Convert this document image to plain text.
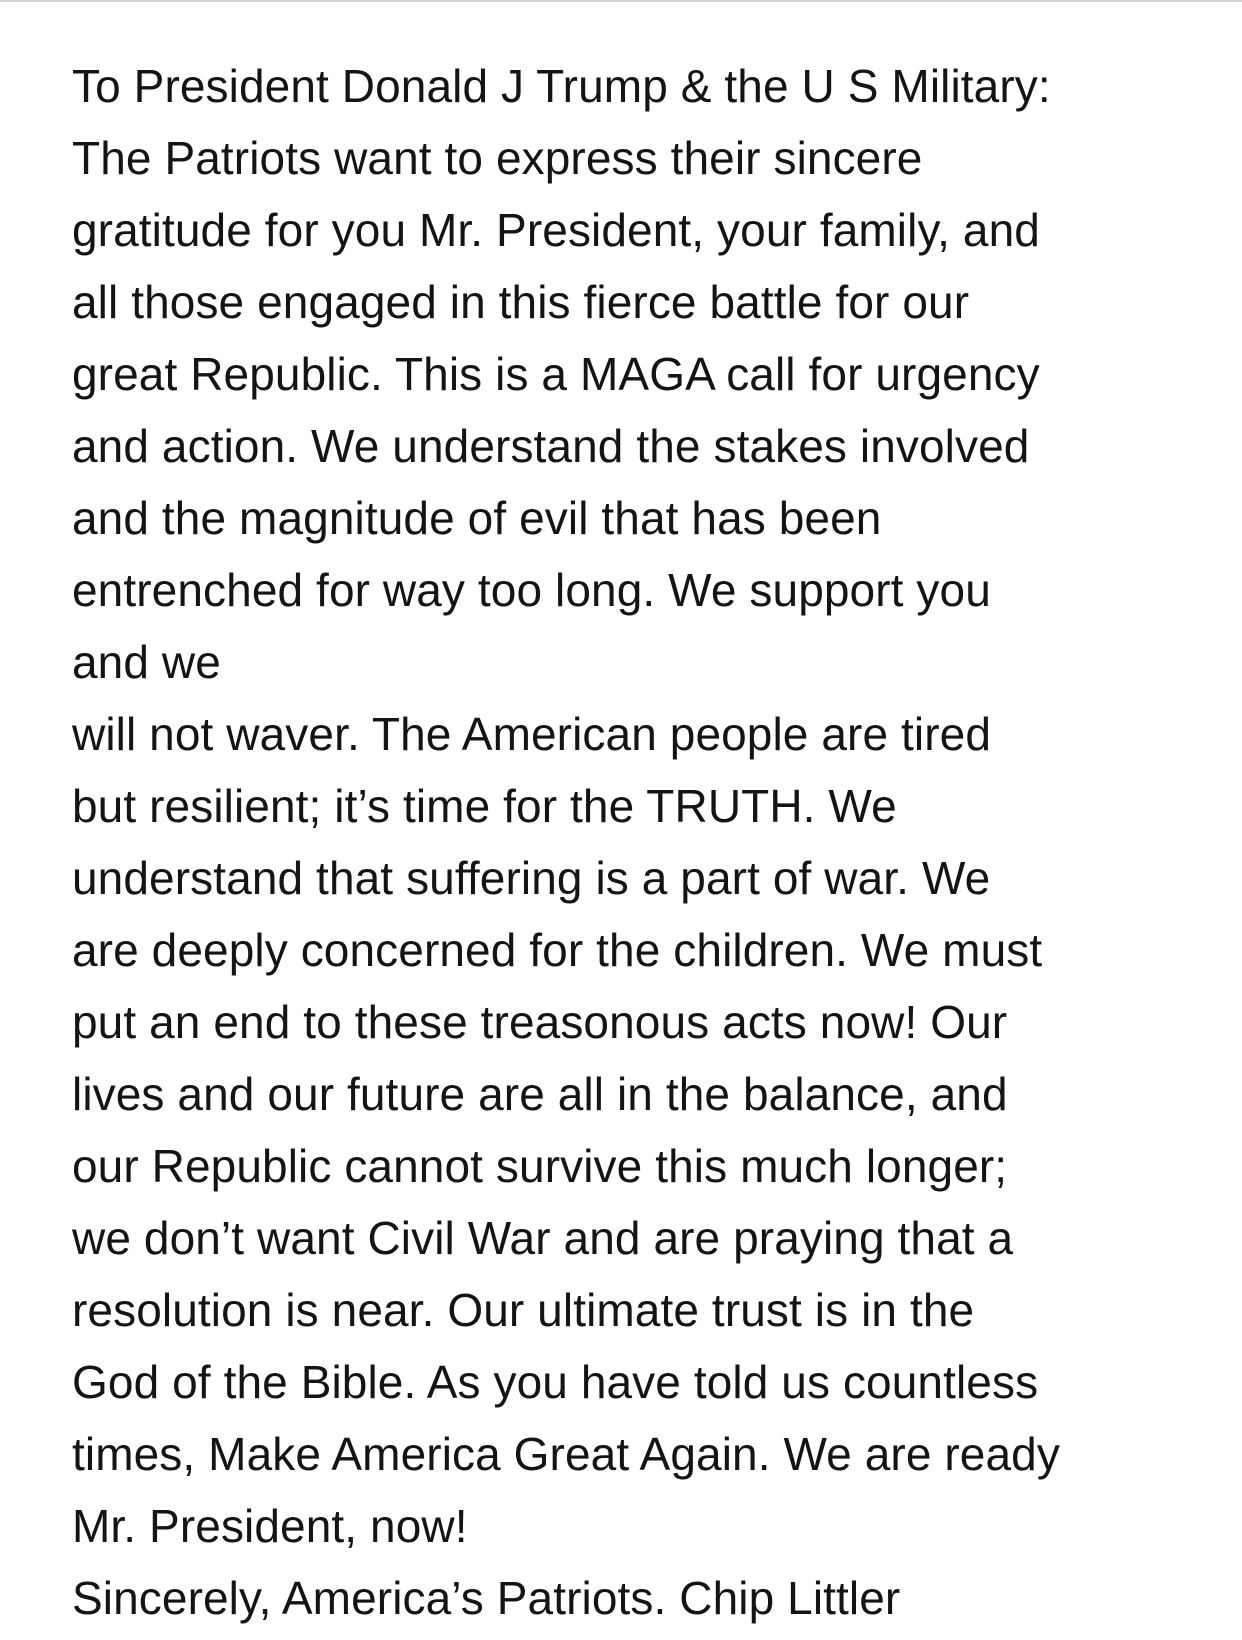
To President Donald J Trump & the U S Military:
The Patriots want to express their sincere
gratitude for you Mr. President, your family, and
all those engaged in this fierce battle for our
great Republic. This is a MAGA call for urgency
and action. We understand the stakes involved
and the magnitude of evil that has been
entrenched for way too long. We support you
and we
will not waver. The American people are tired
but resilient; it’s time for the TRUTH. We
understand that suffering is a part of war. We
are deeply concerned for the children. We must
put an end to these treasonous acts now! Our
lives and our future are all in the balance, and
our Republic cannot survive this much longer;
we don’t want Civil War and are praying that a
resolution is near. Our ultimate trust is in the
God of the Bible. As you have told us countless
times, Make America Great Again. We are ready
Mr. President, now!
Sincerely, America’s Patriots. Chip Littler
